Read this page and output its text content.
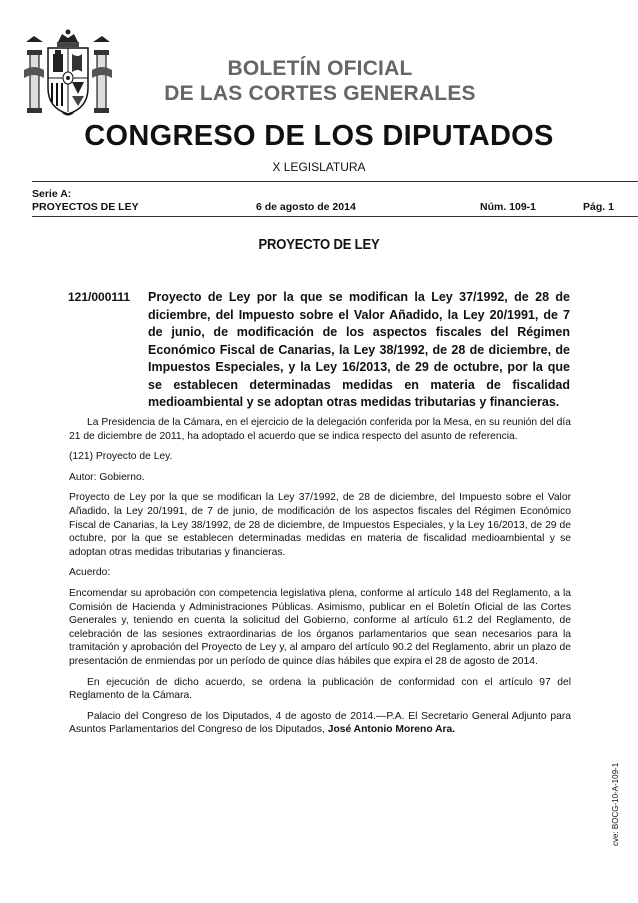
BOLETÍN OFICIAL
DE LAS CORTES GENERALES
CONGRESO DE LOS DIPUTADOS
X LEGISLATURA
Serie A:
PROYECTOS DE LEY	6 de agosto de 2014	Núm. 109-1	Pág. 1
PROYECTO DE LEY
121/000111 Proyecto de Ley por la que se modifican la Ley 37/1992, de 28 de diciembre, del Impuesto sobre el Valor Añadido, la Ley 20/1991, de 7 de junio, de modificación de los aspectos fiscales del Régimen Económico Fiscal de Canarias, la Ley 38/1992, de 28 de diciembre, de Impuestos Especiales, y la Ley 16/2013, de 29 de octubre, por la que se establecen determinadas medidas en materia de fiscalidad medioambiental y se adoptan otras medidas tributarias y financieras.

La Presidencia de la Cámara, en el ejercicio de la delegación conferida por la Mesa, en su reunión del día 21 de diciembre de 2011, ha adoptado el acuerdo que se indica respecto del asunto de referencia.

(121) Proyecto de Ley.

Autor: Gobierno.

Proyecto de Ley por la que se modifican la Ley 37/1992, de 28 de diciembre, del Impuesto sobre el Valor Añadido, la Ley 20/1991, de 7 de junio, de modificación de los aspectos fiscales del Régimen Económico Fiscal de Canarias, la Ley 38/1992, de 28 de diciembre, de Impuestos Especiales, y la Ley 16/2013, de 29 de octubre, por la que se establecen determinadas medidas en materia de fiscalidad medioambiental y se adoptan otras medidas tributarias y financieras.

Acuerdo:

Encomendar su aprobación con competencia legislativa plena, conforme al artículo 148 del Reglamento, a la Comisión de Hacienda y Administraciones Públicas. Asimismo, publicar en el Boletín Oficial de las Cortes Generales y, teniendo en cuenta la solicitud del Gobierno, conforme al artículo 61.2 del Reglamento, de celebración de las sesiones extraordinarias de los órganos parlamentarios que sean necesarios para la tramitación y aprobación del Proyecto de Ley y, al amparo del artículo 90.2 del Reglamento, abrir un plazo de presentación de enmiendas por un período de quince días hábiles que expira el 28 de agosto de 2014.

En ejecución de dicho acuerdo, se ordena la publicación de conformidad con el artículo 97 del Reglamento de la Cámara.

Palacio del Congreso de los Diputados, 4 de agosto de 2014.—P.A. El Secretario General Adjunto para Asuntos Parlamentarios del Congreso de los Diputados, José Antonio Moreno Ara.

cve: BOCG-10-A-109-1
